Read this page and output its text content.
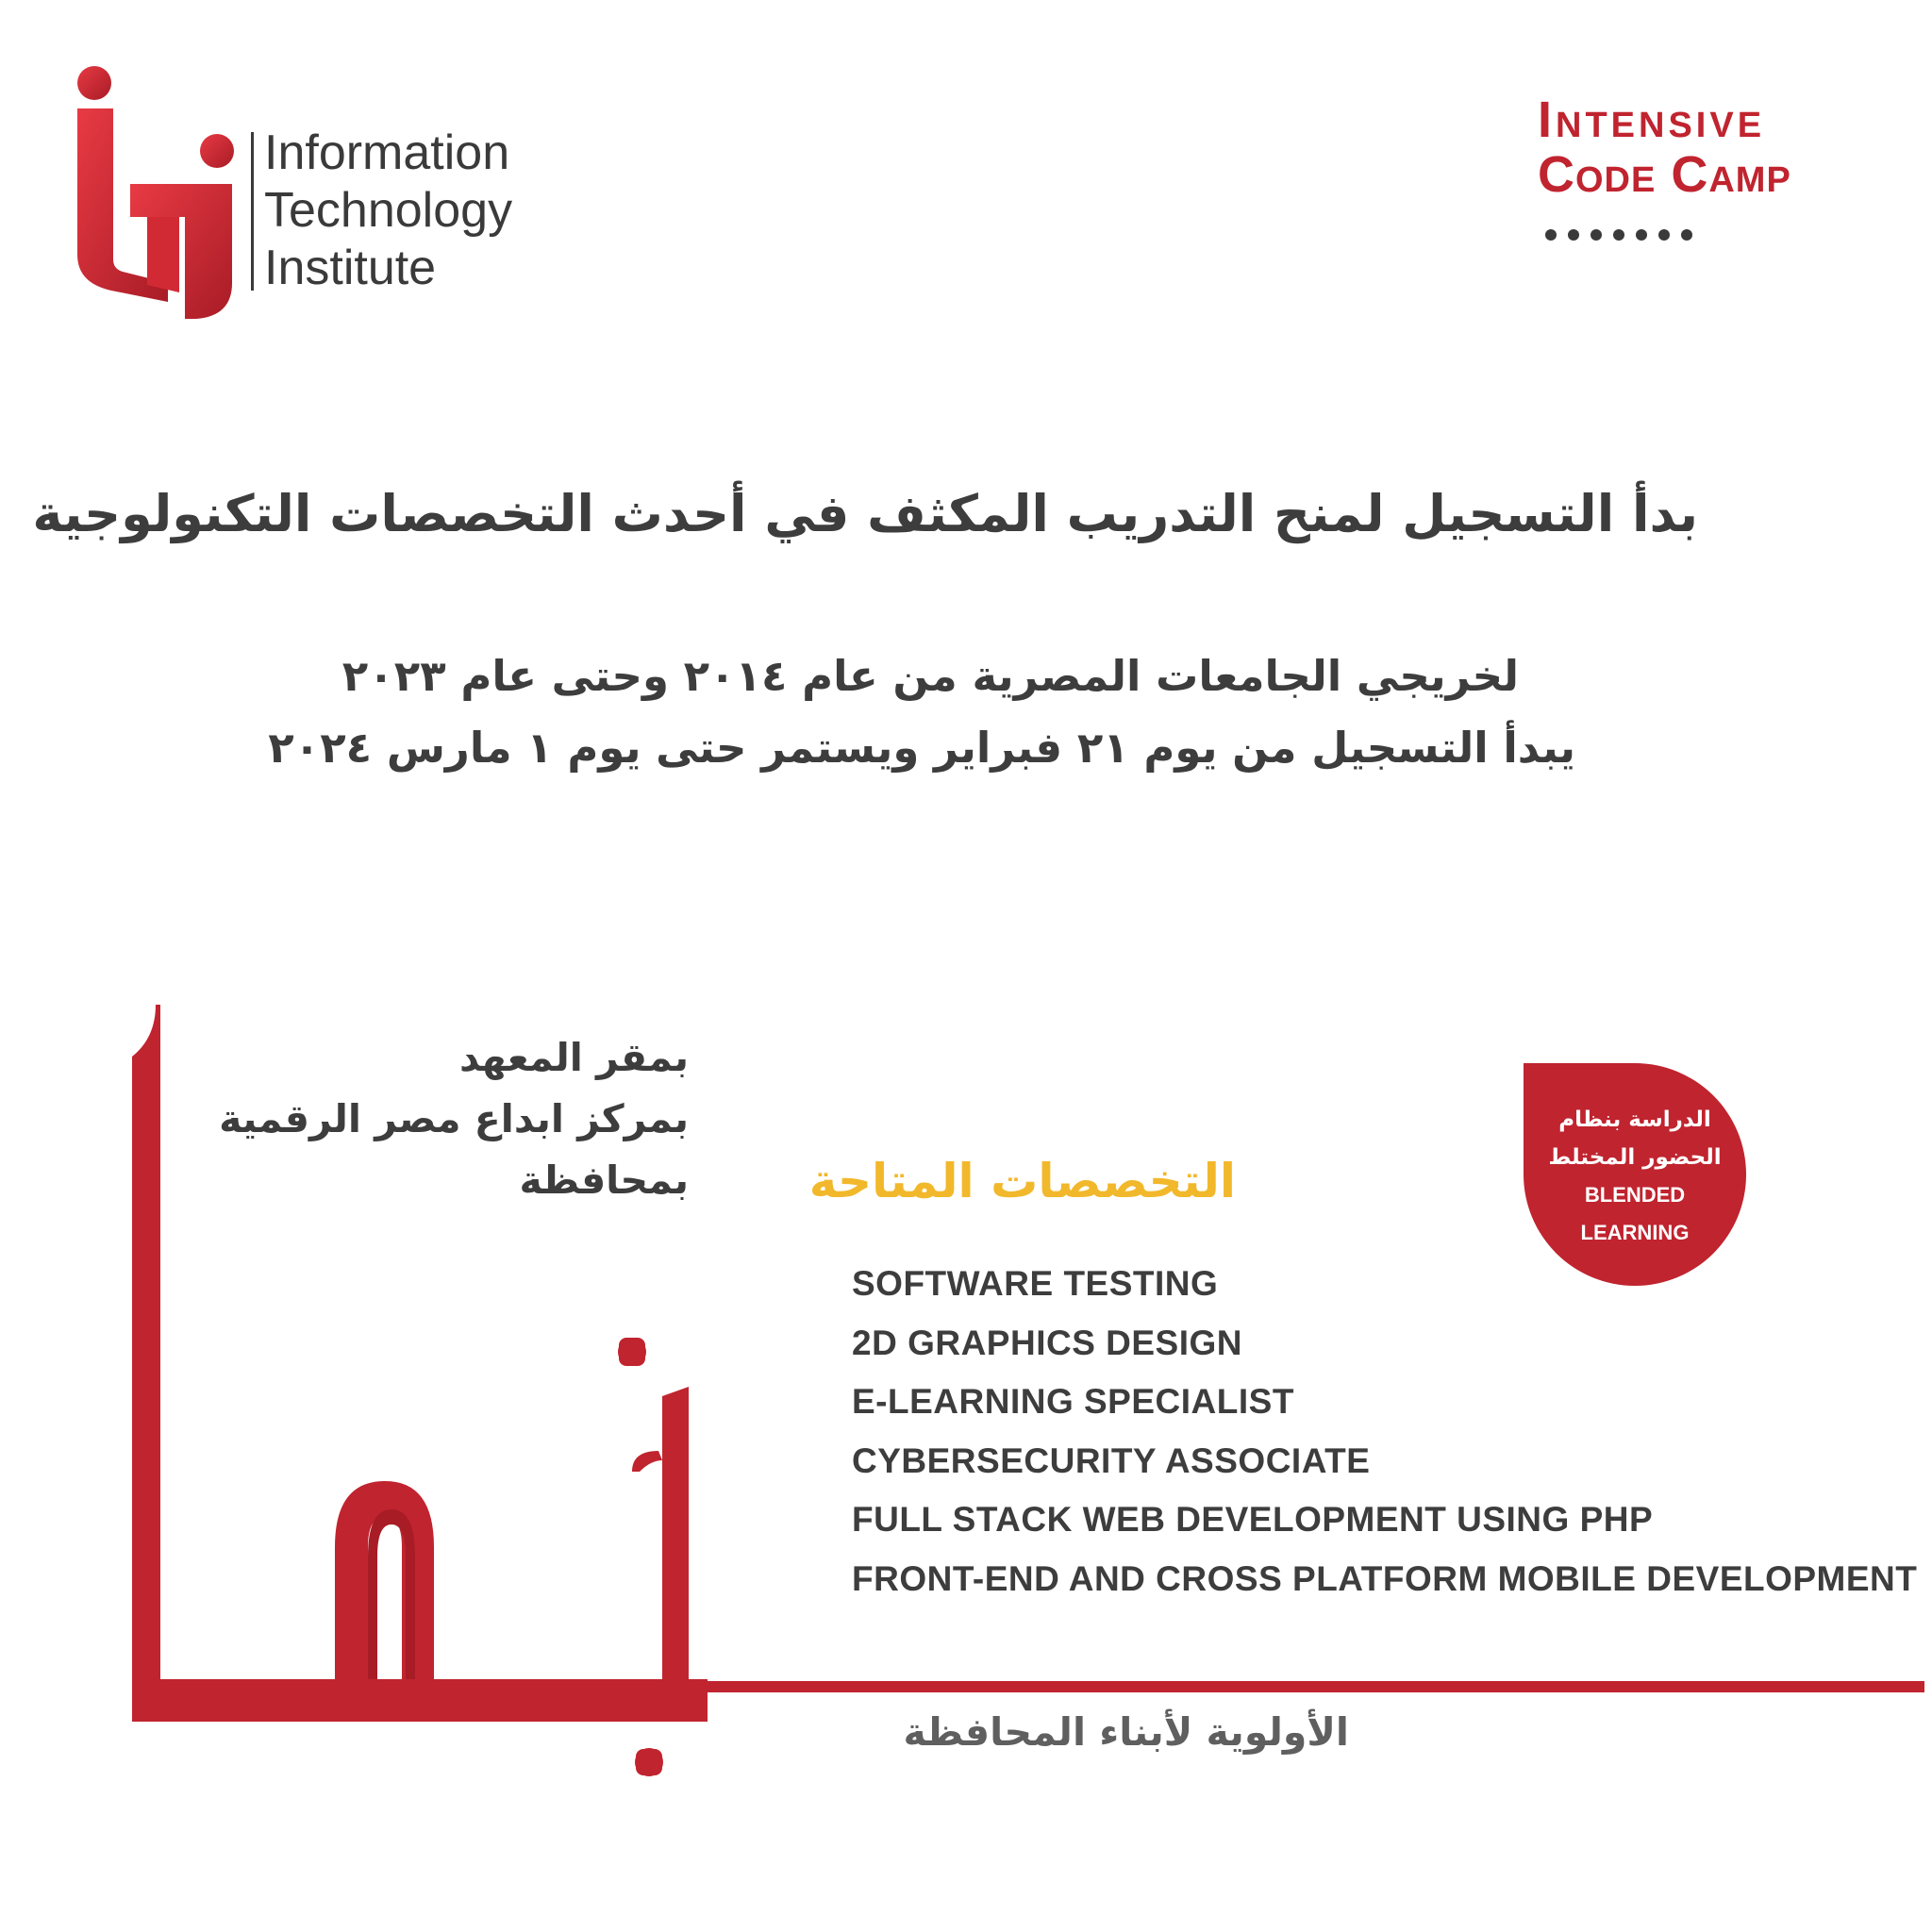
Information
Technology
Institute
Intensive
Code Camp
بدأ التسجيل لمنح التدريب المكثف في أحدث التخصصات التكنولوجية
لخريجي الجامعات المصرية من عام ٢٠١٤ وحتى عام ٢٠٢٣
يبدأ التسجيل من يوم ٢١ فبراير ويستمر حتى يوم ١ مارس ٢٠٢٤
بمقر المعهد
بمركز ابداع مصر الرقمية
بمحافظة	التخصصات المتاحة
SOFTWARE TESTING
2D GRAPHICS DESIGN
E-LEARNING SPECIALIST
CYBERSECURITY ASSOCIATE
FULL STACK WEB DEVELOPMENT USING PHP
FRONT-END AND CROSS PLATFORM MOBILE DEVELOPMENT
الدراسة بنظام
الحضور المختلط
BLENDED
LEARNING
الأولوية لأبناء المحافظة
